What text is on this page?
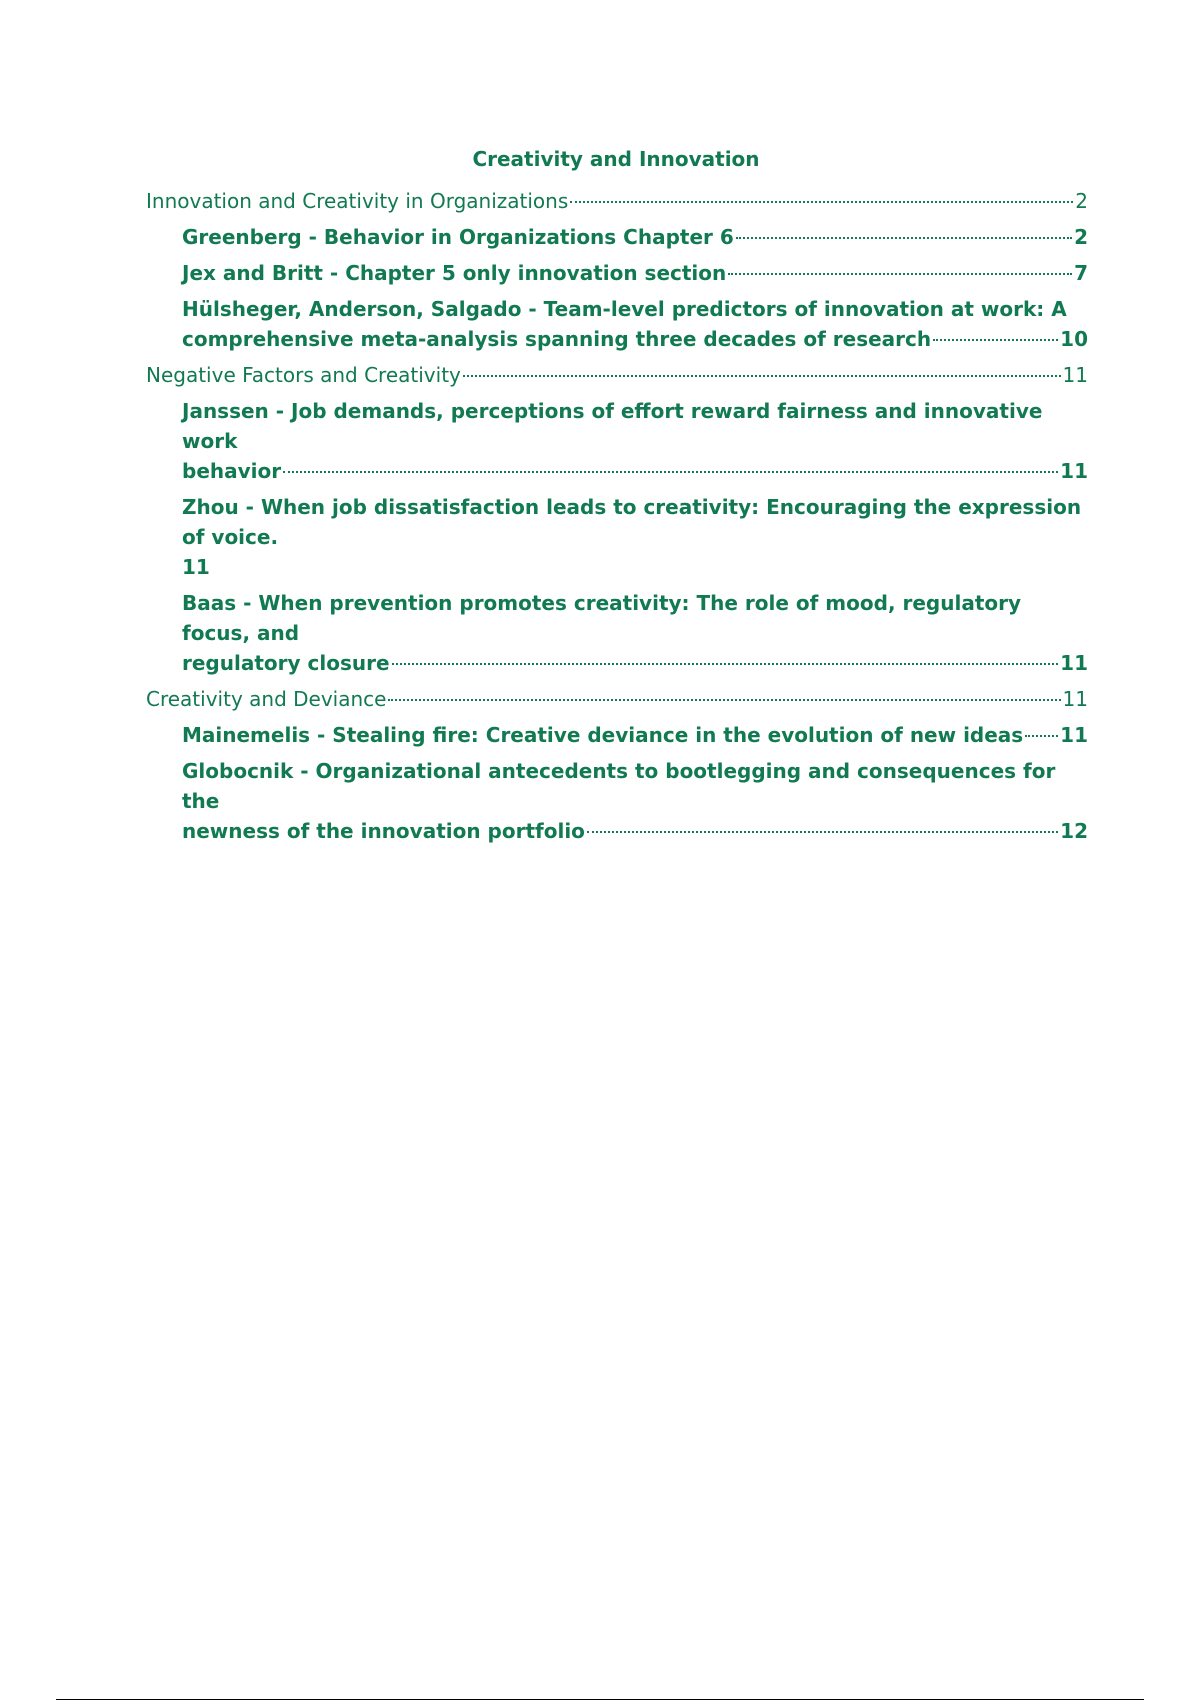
Creativity and Innovation
Innovation and Creativity in Organizations	2
Greenberg - Behavior in Organizations Chapter 6	2
Jex and Britt - Chapter 5 only innovation section	7
Hülsheger, Anderson, Salgado - Team-level predictors of innovation at work: A
comprehensive meta-analysis spanning three decades of research	10
Negative Factors and Creativity	11
Janssen - Job demands, perceptions of effort reward fairness and innovative work
behavior	11
Zhou - When job dissatisfaction leads to creativity: Encouraging the expression of voice.
11
Baas - When prevention promotes creativity: The role of mood, regulatory focus, and
regulatory closure	11
Creativity and Deviance	11
Mainemelis - Stealing fire: Creative deviance in the evolution of new ideas 11
Globocnik - Organizational antecedents to bootlegging and consequences for the
newness of the innovation portfolio	12
